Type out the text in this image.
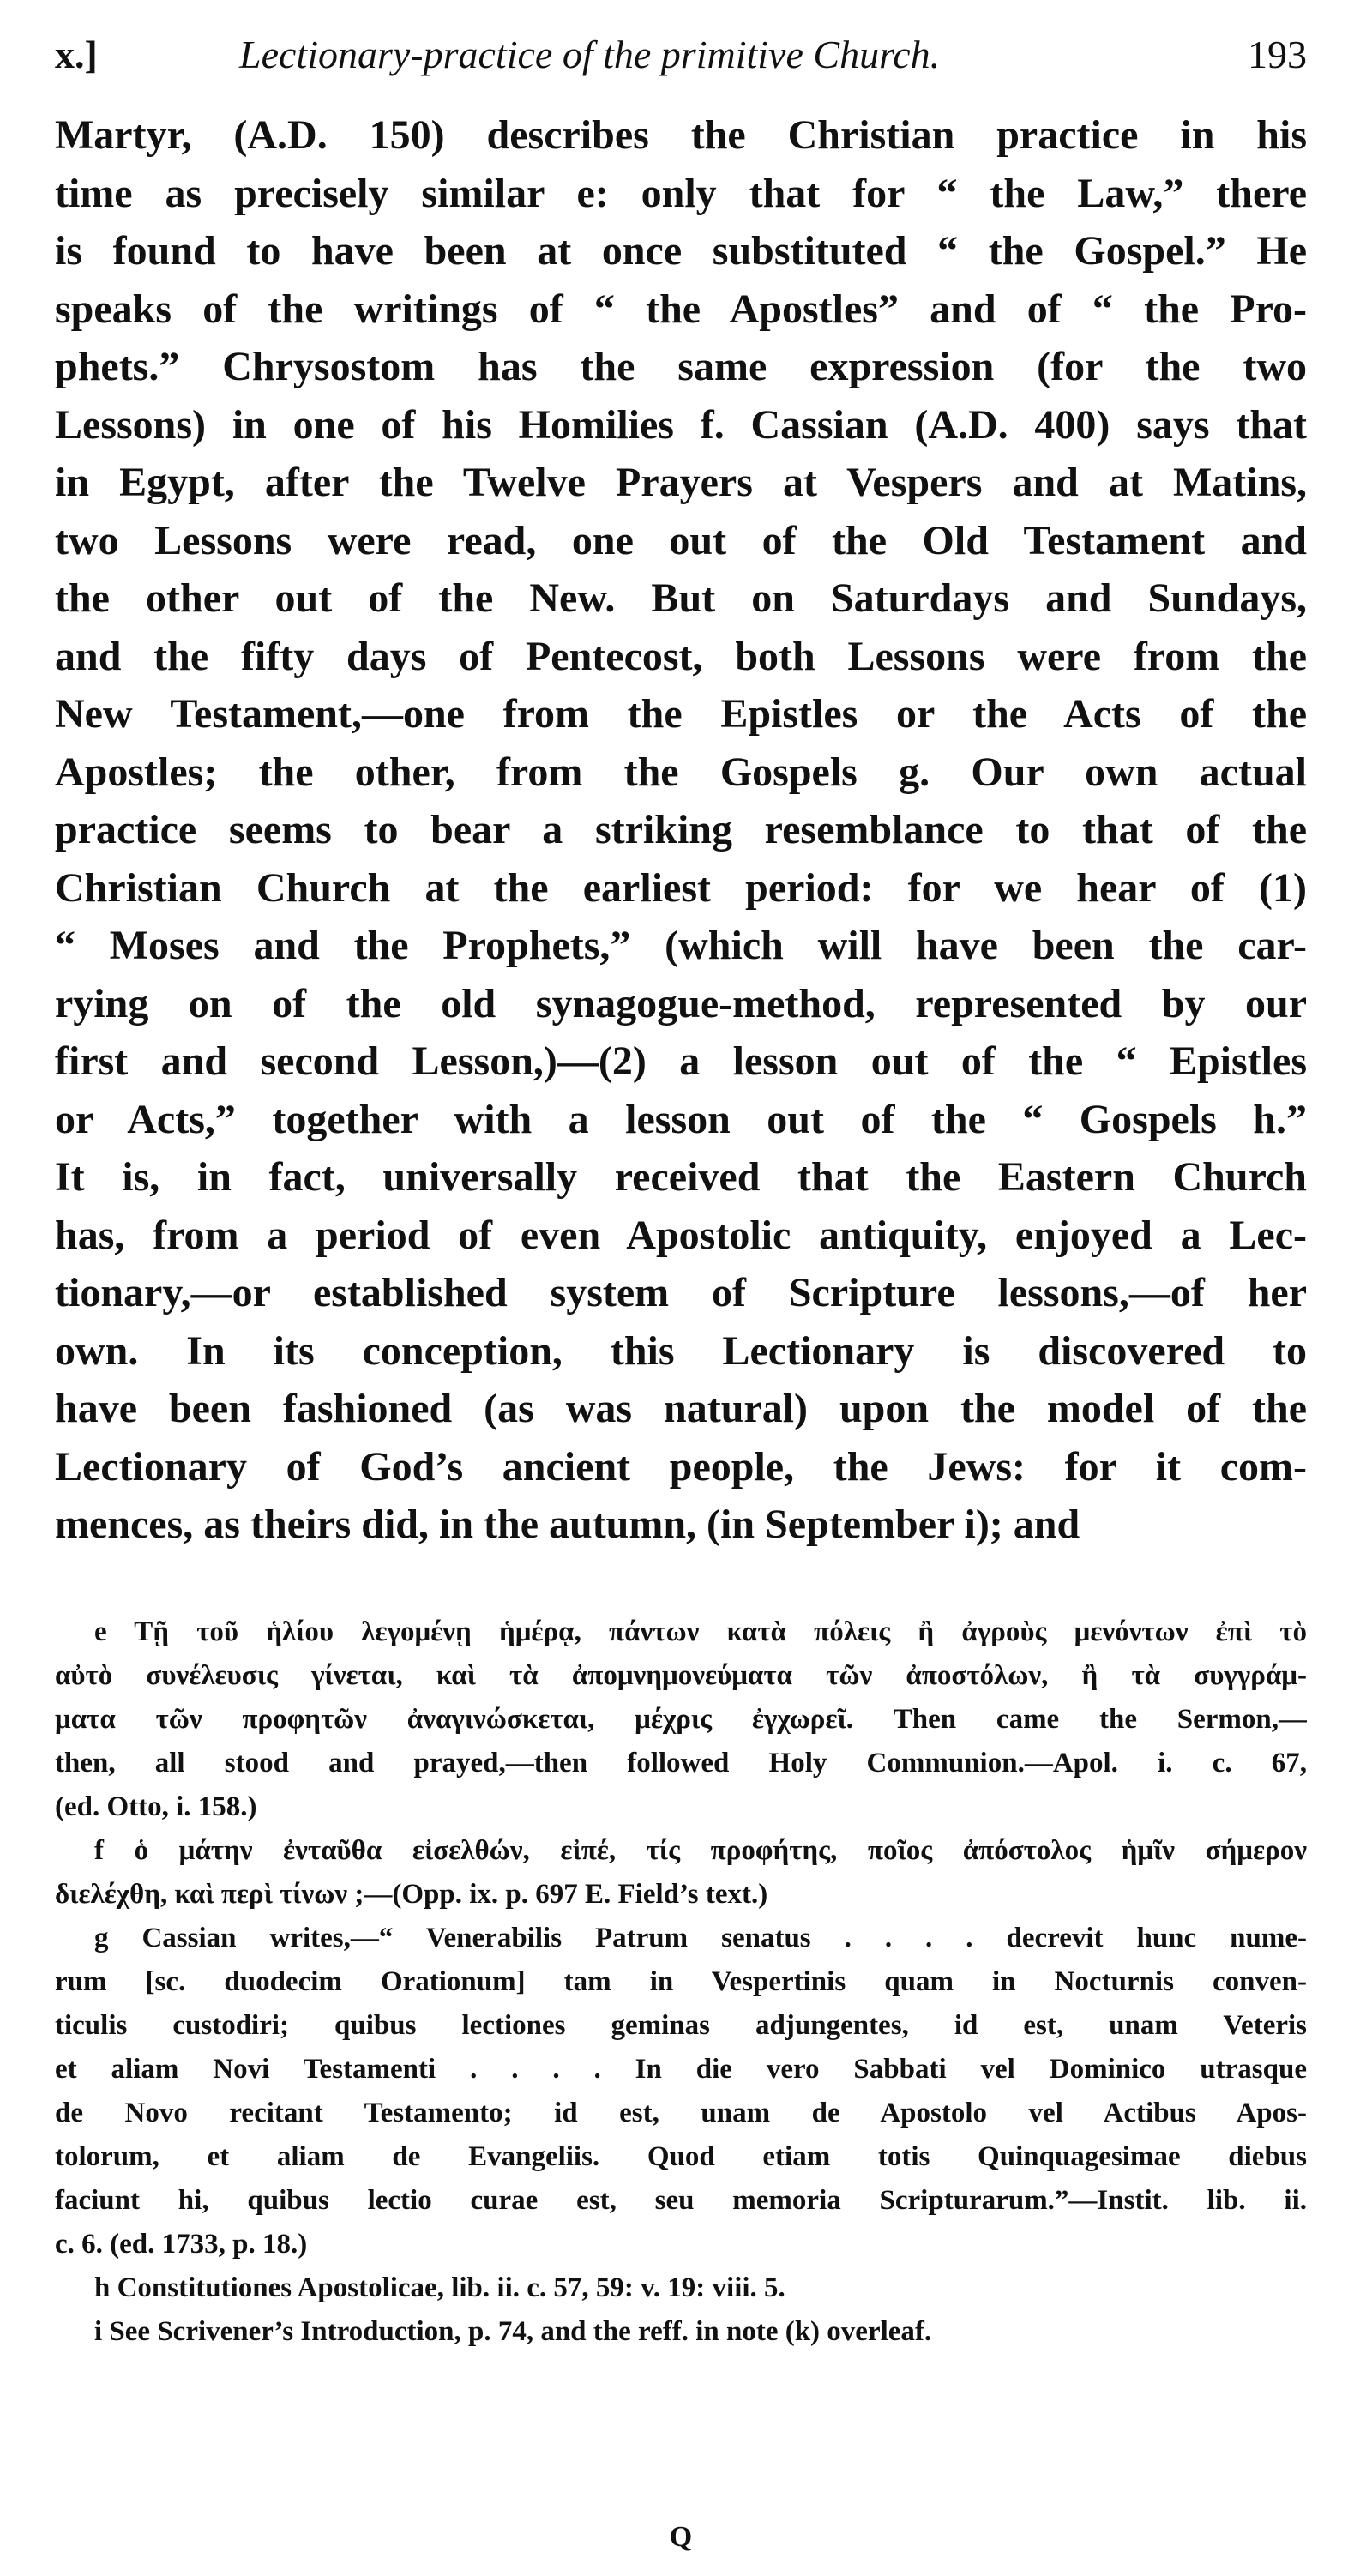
x.]	Lectionary-practice of the primitive Church.	193
Martyr, (A.D. 150) describes the Christian practice in his
time as precisely similar e: only that for “ the Law,” there
is found to have been at once substituted “ the Gospel.” He
speaks of the writings of “ the Apostles” and of “ the Pro-
phets.” Chrysostom has the same expression (for the two
Lessons) in one of his Homilies f. Cassian (A.D. 400) says that
in Egypt, after the Twelve Prayers at Vespers and at Matins,
two Lessons were read, one out of the Old Testament and
the other out of the New. But on Saturdays and Sundays,
and the fifty days of Pentecost, both Lessons were from the
New Testament,—one from the Epistles or the Acts of the
Apostles; the other, from the Gospels g. Our own actual
practice seems to bear a striking resemblance to that of the
Christian Church at the earliest period: for we hear of (1)
“ Moses and the Prophets,” (which will have been the car-
rying on of the old synagogue-method, represented by our
first and second Lesson,)—(2) a lesson out of the “ Epistles
or Acts,” together with a lesson out of the “ Gospels h.”
It is, in fact, universally received that the Eastern Church
has, from a period of even Apostolic antiquity, enjoyed a Lec-
tionary,—or established system of Scripture lessons,—of her
own. In its conception, this Lectionary is discovered to
have been fashioned (as was natural) upon the model of the
Lectionary of God’s ancient people, the Jews: for it com-
mences, as theirs did, in the autumn, (in September i); and
e Tῇ τοῦ ἡλίου λεγομένῃ ἡμέρᾳ, πάντων κατὰ πόλεις ἢ ἀγροὺς μενόντων ἐπὶ τὸ
αὐτὸ συνέλευσις γίνεται, καὶ τὰ ἀπομνημονεύματα τῶν ἀποστόλων, ἢ τὰ συγγράμ-
ματα τῶν προφητῶν ἀναγινώσκεται, μέχρις ἐγχωρεῖ. Then came the Sermon,—
then, all stood and prayed,—then followed Holy Communion.—Apol. i. c. 67,
(ed. Otto, i. 158.)
f ὁ μάτην ἐνταῦθα εἰσελθών, εἰπέ, τίς προφήτης, ποῖος ἀπόστολος ἡμῖν σήμερον
διελέχθη, καὶ περὶ τίνων ;—(Opp. ix. p. 697 E. Field’s text.)
g Cassian writes,—“ Venerabilis Patrum senatus . . . . decrevit hunc nume-
rum [sc. duodecim Orationum] tam in Vespertinis quam in Nocturnis conven-
ticulis custodiri; quibus lectiones geminas adjungentes, id est, unam Veteris
et aliam Novi Testamenti . . . . In die vero Sabbati vel Dominico utrasque
de Novo recitant Testamento; id est, unam de Apostolo vel Actibus Apos-
tolorum, et aliam de Evangeliis. Quod etiam totis Quinquagesimae diebus
faciunt hi, quibus lectio curae est, seu memoria Scripturarum.”—Instit. lib. ii.
c. 6. (ed. 1733, p. 18.)
h Constitutiones Apostolicae, lib. ii. c. 57, 59: v. 19: viii. 5.
i See Scrivener’s Introduction, p. 74, and the reff. in note (k) overleaf.
Q
